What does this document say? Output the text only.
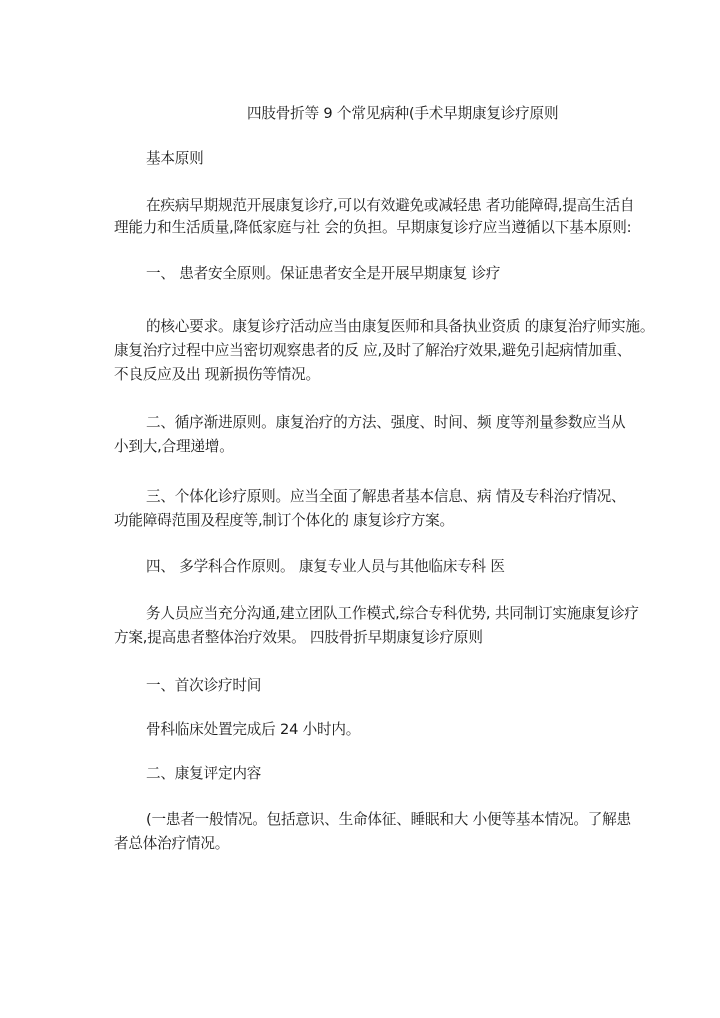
四肢骨折等 9 个常见病种(手术早期康复诊疗原则

基本原则

在疾病早期规范开展康复诊疗,可以有效避免或减轻患 者功能障碍,提高生活自

理能力和生活质量,降低家庭与社 会的负担。早期康复诊疗应当遵循以下基本原则:

一、 患者安全原则。保证患者安全是开展早期康复 诊疗

的核心要求。康复诊疗活动应当由康复医师和具备执业资质 的康复治疗师实施。

康复治疗过程中应当密切观察患者的反 应,及时了解治疗效果,避免引起病情加重、

不良反应及出 现新损伤等情况。

二、循序渐进原则。康复治疗的方法、强度、时间、频 度等剂量参数应当从

小到大,合理递增。

三、个体化诊疗原则。应当全面了解患者基本信息、病 情及专科治疗情况、

功能障碍范围及程度等,制订个体化的 康复诊疗方案。

四、 多学科合作原则。 康复专业人员与其他临床专科 医

务人员应当充分沟通,建立团队工作模式,综合专科优势, 共同制订实施康复诊疗

方案,提高患者整体治疗效果。 四肢骨折早期康复诊疗原则

一、首次诊疗时间

骨科临床处置完成后 24 小时内。

二、康复评定内容

(一患者一般情况。包括意识、生命体征、睡眠和大 小便等基本情况。了解患

者总体治疗情况。
